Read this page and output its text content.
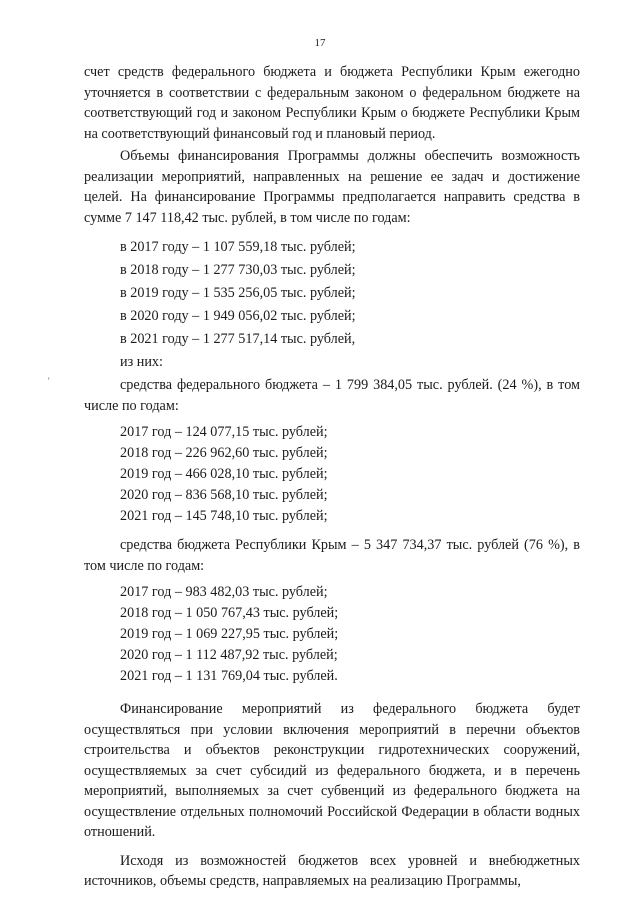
17
'

счет средств федерального бюджета и бюджета Республики Крым ежегодно уточняется в соответствии с федеральным законом о федеральном бюджете на соответствующий год и законом Республики Крым о бюджете Республики Крым на соответствующий финансовый год и плановый период.

Объемы финансирования Программы должны обеспечить возможность реализации мероприятий, направленных на решение ее задач и достижение целей. На финансирование Программы предполагается направить средства в сумме 7 147 118,42 тыс. рублей, в том числе по годам:

в 2017 году – 1 107 559,18 тыс. рублей;
в 2018 году – 1 277 730,03 тыс. рублей;
в 2019 году – 1 535 256,05 тыс. рублей;
в 2020 году – 1 949 056,02 тыс. рублей;
в 2021 году – 1 277 517,14 тыс. рублей,
из них:

средства федерального бюджета – 1 799 384,05 тыс. рублей. (24 %), в том числе по годам:

2017 год – 124 077,15 тыс. рублей;
2018 год – 226 962,60 тыс. рублей;
2019 год – 466 028,10 тыс. рублей;
2020 год – 836 568,10 тыс. рублей;
2021 год – 145 748,10 тыс. рублей;

средства бюджета Республики Крым – 5 347 734,37 тыс. рублей (76 %), в том числе по годам:

2017 год – 983 482,03 тыс. рублей;
2018 год – 1 050 767,43 тыс. рублей;
2019 год – 1 069 227,95 тыс. рублей;
2020 год – 1 112 487,92 тыс. рублей;
2021 год – 1 131 769,04 тыс. рублей.

Финансирование мероприятий из федерального бюджета будет осуществляться при условии включения мероприятий в перечни объектов строительства и объектов реконструкции гидротехнических сооружений, осуществляемых за счет субсидий из федерального бюджета, и в перечень мероприятий, выполняемых за счет субвенций из федерального бюджета на осуществление отдельных полномочий Российской Федерации в области водных отношений.

Исходя из возможностей бюджетов всех уровней и внебюджетных источников, объемы средств, направляемых на реализацию Программы,
